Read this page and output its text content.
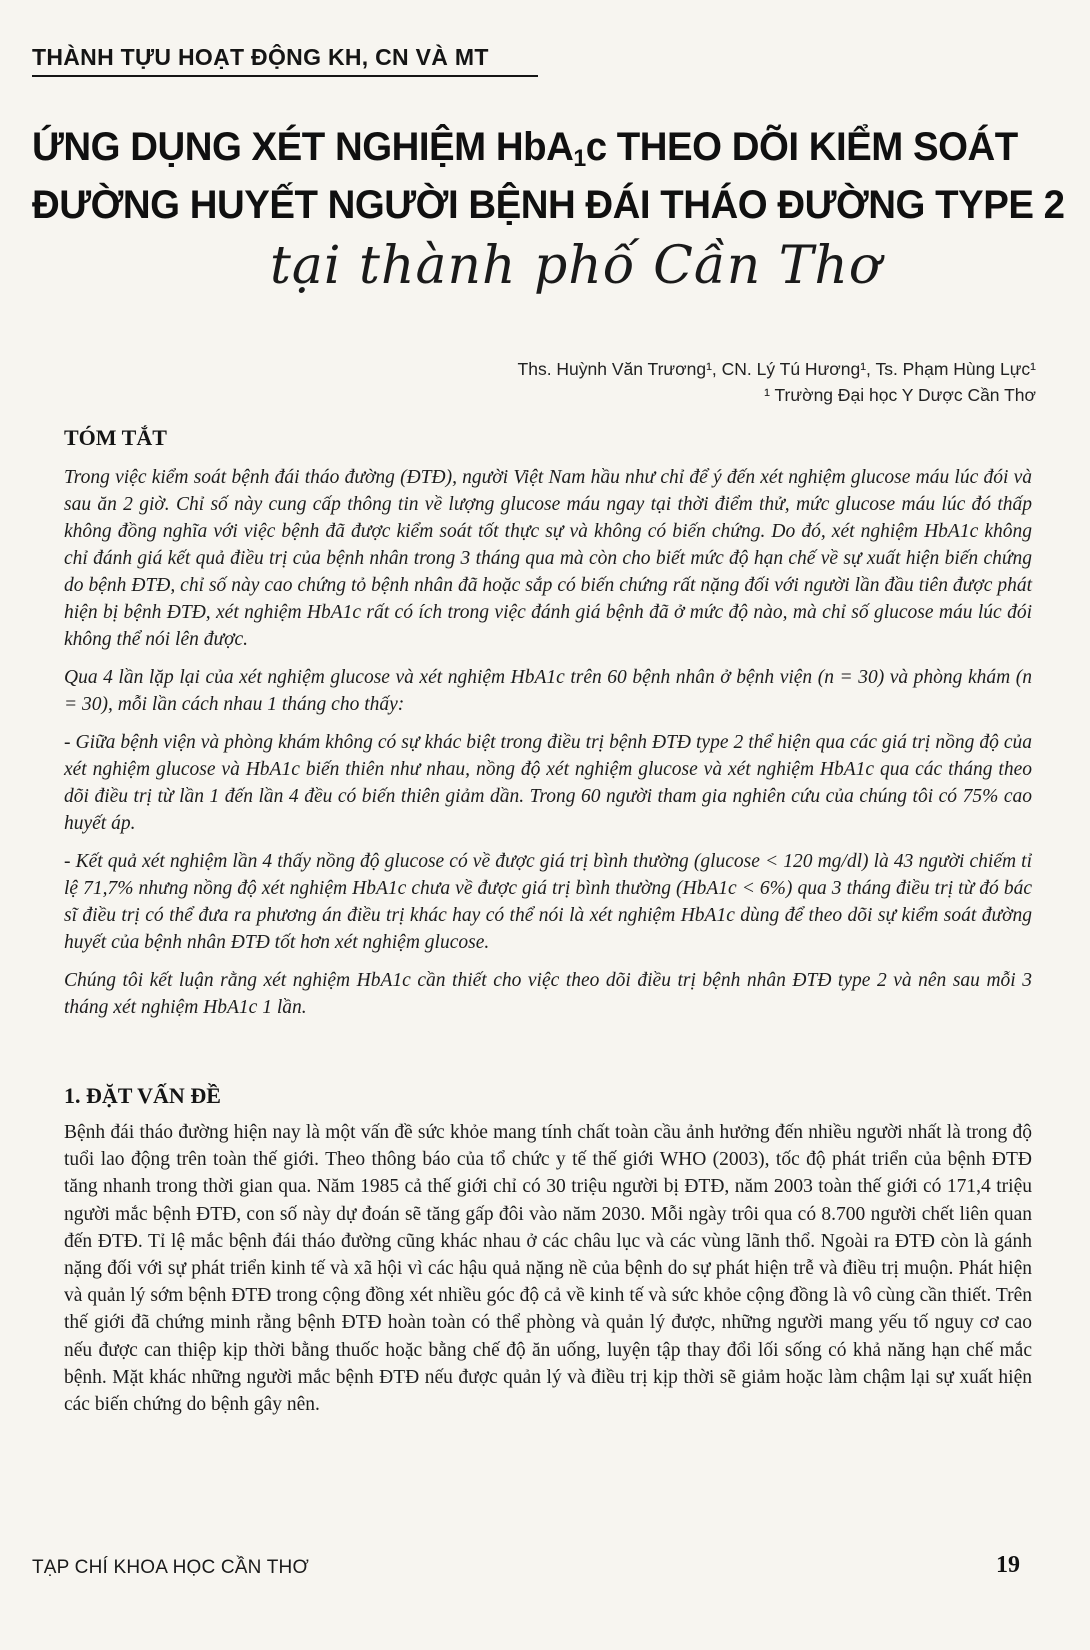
THÀNH TỰU HOẠT ĐỘNG KH, CN VÀ MT
ỨNG DỤNG XÉT NGHIỆM HbA$_1$c THEO DÕI KIỂM SOÁT
ĐƯỜNG HUYẾT NGƯỜI BỆNH ĐÁI THÁO ĐƯỜNG TYPE 2
tại thành phố Cần Thơ
Ths. Huỳnh Văn Trương¹, CN. Lý Tú Hương¹, Ts. Phạm Hùng Lực¹
¹ Trường Đại học Y Dược Cần Thơ
TÓM TẮT

Trong việc kiểm soát bệnh đái tháo đường (ĐTĐ), người Việt Nam hầu như chỉ để ý đến xét nghiệm glucose máu lúc đói và sau ăn 2 giờ. Chỉ số này cung cấp thông tin về lượng glucose máu ngay tại thời điểm thử, mức glucose máu lúc đó thấp không đồng nghĩa với việc bệnh đã được kiểm soát tốt thực sự và không có biến chứng. Do đó, xét nghiệm HbA1c không chỉ đánh giá kết quả điều trị của bệnh nhân trong 3 tháng qua mà còn cho biết mức độ hạn chế về sự xuất hiện biến chứng do bệnh ĐTĐ, chỉ số này cao chứng tỏ bệnh nhân đã hoặc sắp có biến chứng rất nặng đối với người lần đầu tiên được phát hiện bị bệnh ĐTĐ, xét nghiệm HbA1c rất có ích trong việc đánh giá bệnh đã ở mức độ nào, mà chỉ số glucose máu lúc đói không thể nói lên được.

Qua 4 lần lặp lại của xét nghiệm glucose và xét nghiệm HbA1c trên 60 bệnh nhân ở bệnh viện (n = 30) và phòng khám (n = 30), mỗi lần cách nhau 1 tháng cho thấy:

- Giữa bệnh viện và phòng khám không có sự khác biệt trong điều trị bệnh ĐTĐ type 2 thể hiện qua các giá trị nồng độ của xét nghiệm glucose và HbA1c biến thiên như nhau, nồng độ xét nghiệm glucose và xét nghiệm HbA1c qua các tháng theo dõi điều trị từ lần 1 đến lần 4 đều có biến thiên giảm dần. Trong 60 người tham gia nghiên cứu của chúng tôi có 75% cao huyết áp.

- Kết quả xét nghiệm lần 4 thấy nồng độ glucose có về được giá trị bình thường (glucose < 120 mg/dl) là 43 người chiếm tỉ lệ 71,7% nhưng nồng độ xét nghiệm HbA1c chưa về được giá trị bình thường (HbA1c < 6%) qua 3 tháng điều trị từ đó bác sĩ điều trị có thể đưa ra phương án điều trị khác hay có thể nói là xét nghiệm HbA1c dùng để theo dõi sự kiểm soát đường huyết của bệnh nhân ĐTĐ tốt hơn xét nghiệm glucose.

Chúng tôi kết luận rằng xét nghiệm HbA1c cần thiết cho việc theo dõi điều trị bệnh nhân ĐTĐ type 2 và nên sau mỗi 3 tháng xét nghiệm HbA1c 1 lần.

1. ĐẶT VẤN ĐỀ

Bệnh đái tháo đường hiện nay là một vấn đề sức khỏe mang tính chất toàn cầu ảnh hưởng đến nhiều người nhất là trong độ tuổi lao động trên toàn thế giới. Theo thông báo của tổ chức y tế thế giới WHO (2003), tốc độ phát triển của bệnh ĐTĐ tăng nhanh trong thời gian qua. Năm 1985 cả thế giới chỉ có 30 triệu người bị ĐTĐ, năm 2003 toàn thế giới có 171,4 triệu người mắc bệnh ĐTĐ, con số này dự đoán sẽ tăng gấp đôi vào năm 2030. Mỗi ngày trôi qua có 8.700 người chết liên quan đến ĐTĐ. Tỉ lệ mắc bệnh đái tháo đường cũng khác nhau ở các châu lục và các vùng lãnh thổ. Ngoài ra ĐTĐ còn là gánh nặng đối với sự phát triển kinh tế và xã hội vì các hậu quả nặng nề của bệnh do sự phát hiện trễ và điều trị muộn. Phát hiện và quản lý sớm bệnh ĐTĐ trong cộng đồng xét nhiều góc độ cả về kinh tế và sức khỏe cộng đồng là vô cùng cần thiết. Trên thế giới đã chứng minh rằng bệnh ĐTĐ hoàn toàn có thể phòng và quản lý được, những người mang yếu tố nguy cơ cao nếu được can thiệp kịp thời bằng thuốc hoặc bằng chế độ ăn uống, luyện tập thay đổi lối sống có khả năng hạn chế mắc bệnh. Mặt khác những người mắc bệnh ĐTĐ nếu được quản lý và điều trị kịp thời sẽ giảm hoặc làm chậm lại sự xuất hiện các biến chứng do bệnh gây nên.

TẠP CHÍ KHOA HỌC CẦN THƠ	19
